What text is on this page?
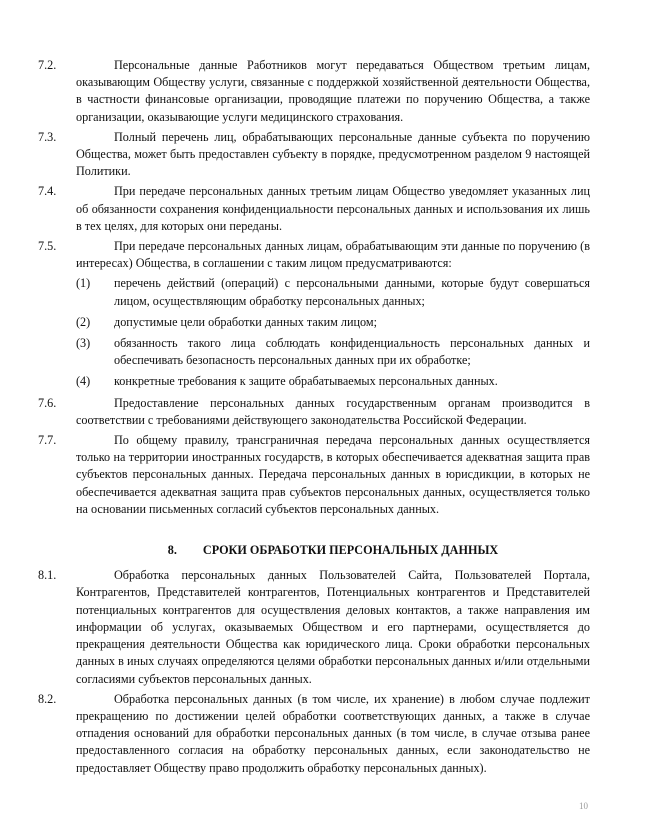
7.2.	Персональные данные Работников могут передаваться Обществом третьим лицам, оказывающим Обществу услуги, связанные с поддержкой хозяйственной деятельности Общества, в частности финансовые организации, проводящие платежи по поручению Общества, а также организации, оказывающие услуги медицинского страхования.

7.3.	Полный перечень лиц, обрабатывающих персональные данные субъекта по поручению Общества, может быть предоставлен субъекту в порядке, предусмотренном разделом 9 настоящей Политики.

7.4.	При передаче персональных данных третьим лицам Общество уведомляет указанных лиц об обязанности сохранения конфиденциальности персональных данных и использования их лишь в тех целях, для которых они переданы.

7.5.	При передаче персональных данных лицам, обрабатывающим эти данные по поручению (в интересах) Общества, в соглашении с таким лицом предусматриваются:

(1) перечень действий (операций) с персональными данными, которые будут совершаться лицом, осуществляющим обработку персональных данных;
(2) допустимые цели обработки данных таким лицом;
(3) обязанность такого лица соблюдать конфиденциальность персональных данных и обеспечивать безопасность персональных данных при их обработке;
(4) конкретные требования к защите обрабатываемых персональных данных.

7.6.	Предоставление персональных данных государственным органам производится в соответствии с требованиями действующего законодательства Российской Федерации.

7.7.	По общему правилу, трансграничная передача персональных данных осуществляется только на территории иностранных государств, в которых обеспечивается адекватная защита прав субъектов персональных данных. Передача персональных данных в юрисдикции, в которых не обеспечивается адекватная защита прав субъектов персональных данных, осуществляется только на основании письменных согласий субъектов персональных данных.

8. СРОКИ ОБРАБОТКИ ПЕРСОНАЛЬНЫХ ДАННЫХ

8.1.	Обработка персональных данных Пользователей Сайта, Пользователей Портала, Контрагентов, Представителей контрагентов, Потенциальных контрагентов и Представителей потенциальных контрагентов для осуществления деловых контактов, а также направления им информации об услугах, оказываемых Обществом и его партнерами, осуществляется до прекращения деятельности Общества как юридического лица. Сроки обработки персональных данных в иных случаях определяются целями обработки персональных данных и/или отдельными согласиями субъектов персональных данных.

8.2.	Обработка персональных данных (в том числе, их хранение) в любом случае подлежит прекращению по достижении целей обработки соответствующих данных, а также в случае отпадения оснований для обработки персональных данных (в том числе, в случае отзыва ранее предоставленного согласия на обработку персональных данных, если законодательство не предоставляет Обществу право продолжить обработку персональных данных).

10
